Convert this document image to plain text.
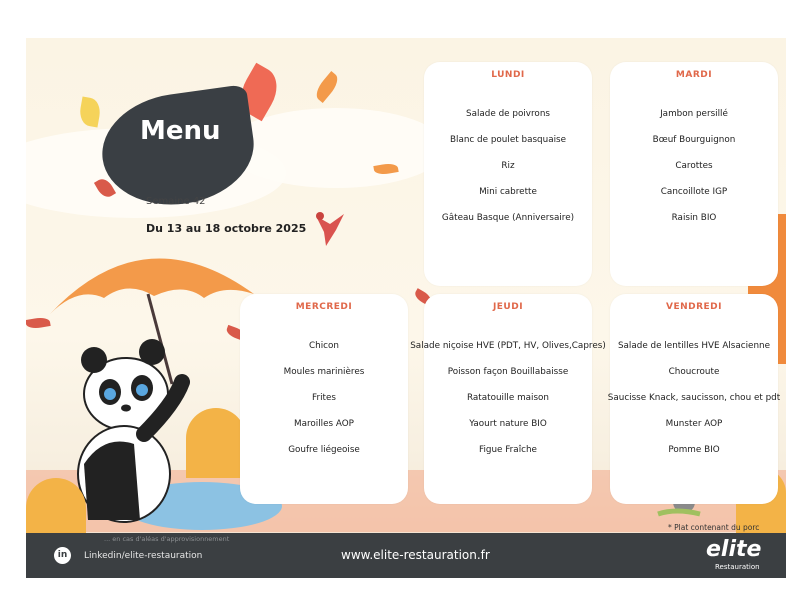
Menu
Semaine 42
Du 13 au 18 octobre 2025
LUNDI
Salade de poivrons
Blanc de poulet basquaise
Riz
Mini cabrette
Gâteau Basque (Anniversaire)
MARDI
Jambon persillé
Bœuf Bourguignon
Carottes
Cancoillote IGP
Raisin BIO
MERCREDI
Chicon
Moules marinières
Frites
Maroilles AOP
Goufre liégeoise
JEUDI
Salade niçoise HVE (PDT, HV, Olives,Capres)
Poisson façon Bouillabaisse
Ratatouille maison
Yaourt nature BIO
Figue Fraîche
VENDREDI
Salade de lentilles HVE Alsacienne
Choucroute
Saucisse Knack, saucisson, chou et pdt
Munster AOP
Pomme BIO
* Plat contenant du porc
... en cas d'aléas d'approvisionnement
in	Linkedin/elite-restauration	www.elite-restauration.fr	elite
Restauration
